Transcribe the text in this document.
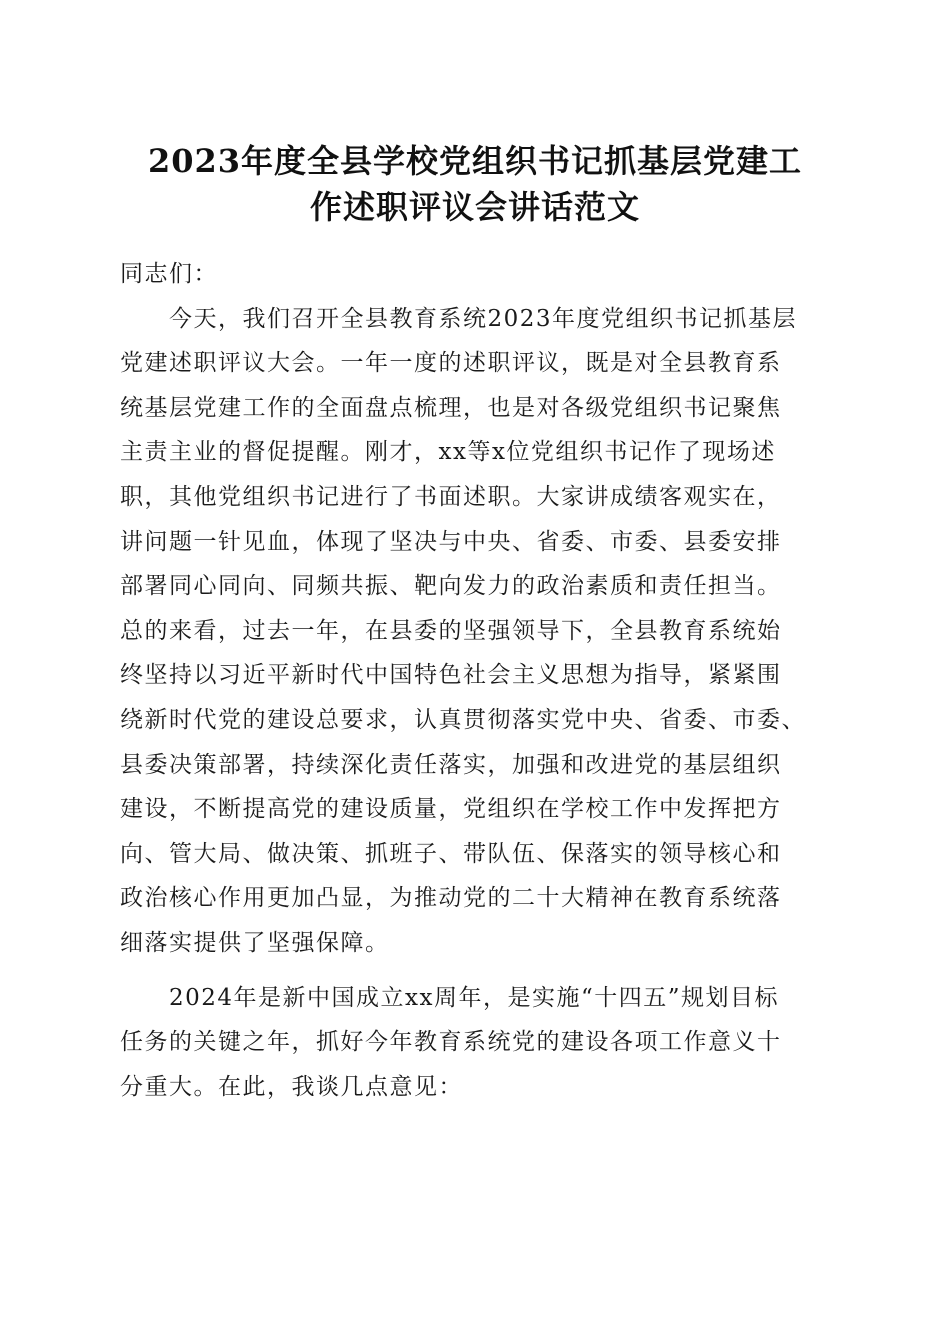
2023年度全县学校党组织书记抓基层党建工
作述职评议会讲话范文
同志们：
今天，我们召开全县教育系统2023年度党组织书记抓基层
党建述职评议大会。一年一度的述职评议，既是对全县教育系
统基层党建工作的全面盘点梳理，也是对各级党组织书记聚焦
主责主业的督促提醒。刚才，xx等x位党组织书记作了现场述
职，其他党组织书记进行了书面述职。大家讲成绩客观实在，
讲问题一针见血，体现了坚决与中央、省委、市委、县委安排
部署同心同向、同频共振、靶向发力的政治素质和责任担当。
总的来看，过去一年，在县委的坚强领导下，全县教育系统始
终坚持以习近平新时代中国特色社会主义思想为指导，紧紧围
绕新时代党的建设总要求，认真贯彻落实党中央、省委、市委、
县委决策部署，持续深化责任落实，加强和改进党的基层组织
建设，不断提高党的建设质量，党组织在学校工作中发挥把方
向、管大局、做决策、抓班子、带队伍、保落实的领导核心和
政治核心作用更加凸显，为推动党的二十大精神在教育系统落
细落实提供了坚强保障。
2024年是新中国成立xx周年，是实施“十四五”规划目标
任务的关键之年，抓好今年教育系统党的建设各项工作意义十
分重大。在此，我谈几点意见：
